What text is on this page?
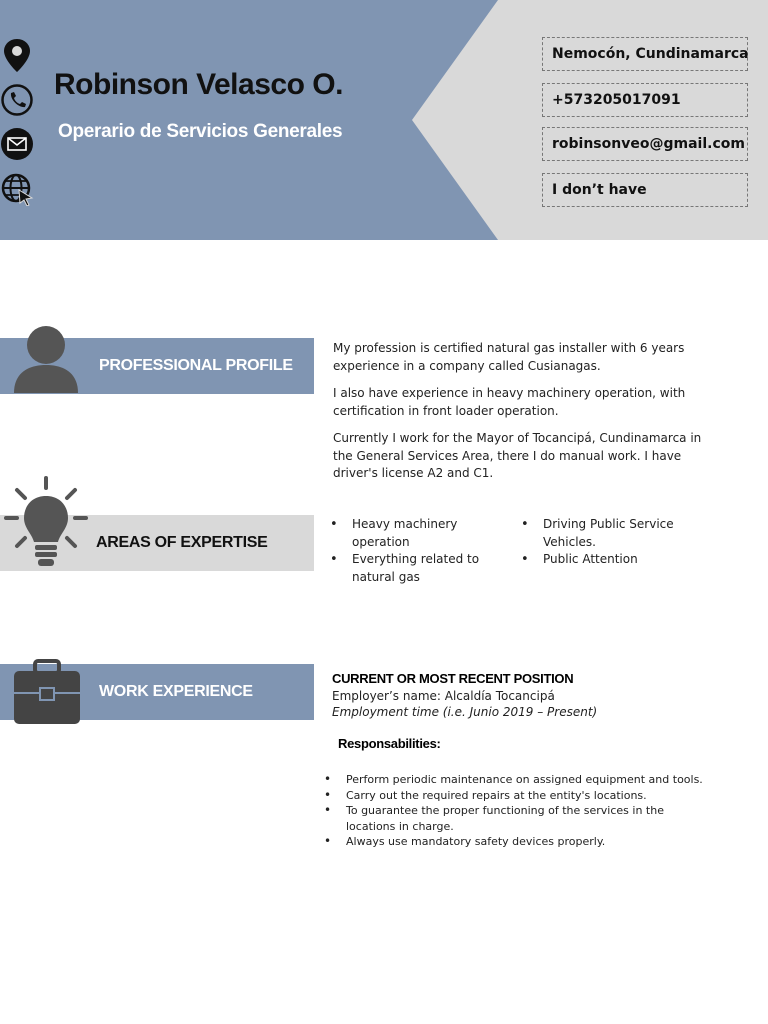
Robinson Velasco O.
Operario de Servicios Generales
Nemocón, Cundinamarca
+573205017091
robinsonveo@gmail.com
I don’t have
PROFESSIONAL PROFILE
My profession is certified natural gas installer with 6 years experience in a company called Cusianagas.
I also have experience in heavy machinery operation, with certification in front loader operation.
Currently I work for the Mayor of Tocancipá, Cundinamarca in the General Services Area, there I do manual work. I have driver's license A2 and C1.
AREAS OF EXPERTISE
• Heavy machinery operation
• Everything related to natural gas
• Driving Public Service Vehicles.
• Public Attention
WORK EXPERIENCE
CURRENT OR MOST RECENT POSITION
Employer’s name: Alcaldía Tocancipá
Employment time (i.e. Junio 2019 – Present)
Responsabilities:
• Perform periodic maintenance on assigned equipment and tools.
• Carry out the required repairs at the entity's locations.
• To guarantee the proper functioning of the services in the locations in charge.
• Always use mandatory safety devices properly.
